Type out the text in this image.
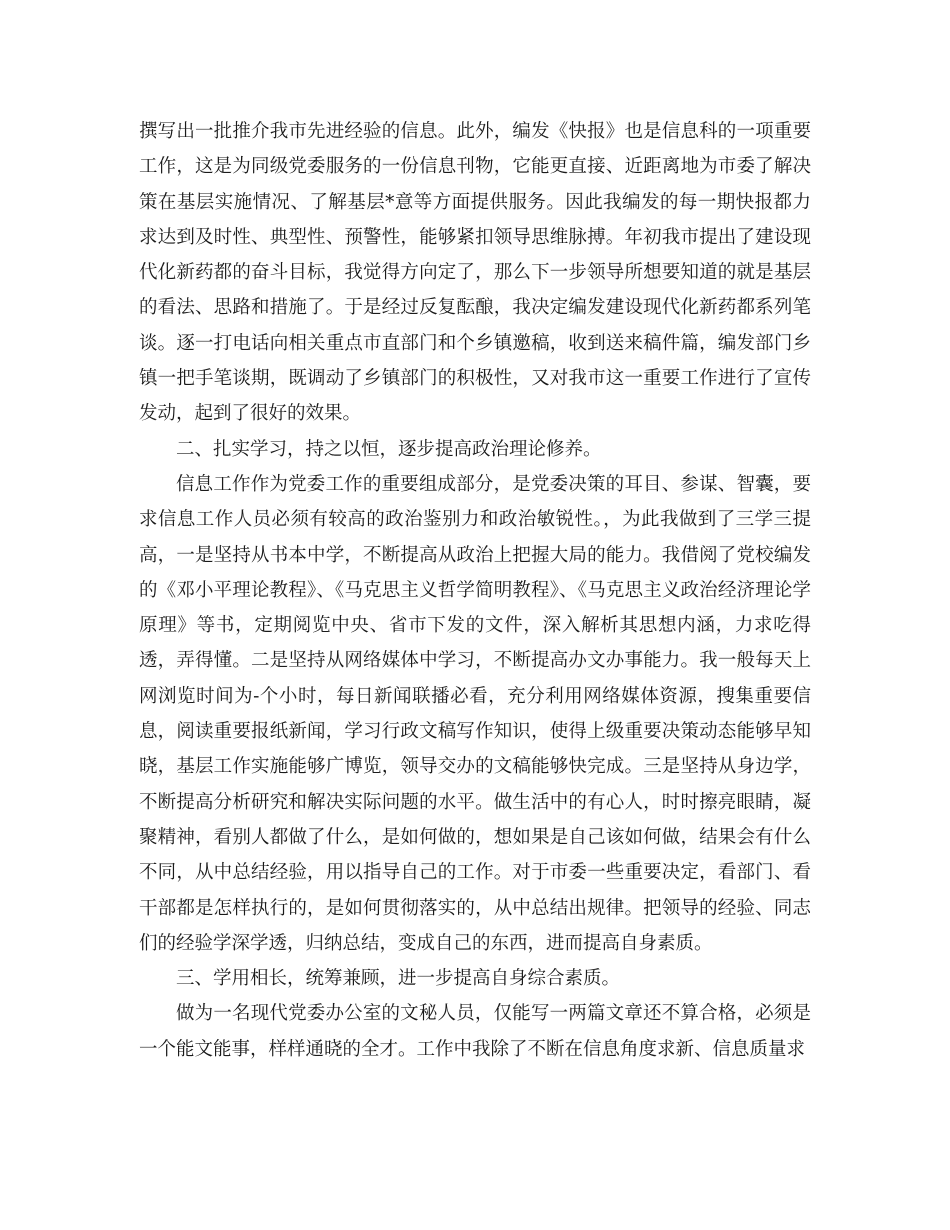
撰写出一批推介我市先进经验的信息。此外，编发《快报》也是信息科的一项重要工作，这是为同级党委服务的一份信息刊物，它能更直接、近距离地为市委了解决策在基层实施情况、了解基层*意等方面提供服务。因此我编发的每一期快报都力求达到及时性、典型性、预警性，能够紧扣领导思维脉搏。年初我市提出了建设现代化新药都的奋斗目标，我觉得方向定了，那么下一步领导所想要知道的就是基层的看法、思路和措施了。于是经过反复酝酿，我决定编发建设现代化新药都系列笔谈。逐一打电话向相关重点市直部门和个乡镇邀稿，收到送来稿件篇，编发部门乡镇一把手笔谈期，既调动了乡镇部门的积极性，又对我市这一重要工作进行了宣传发动，起到了很好的效果。

二、扎实学习，持之以恒，逐步提高政治理论修养。

信息工作作为党委工作的重要组成部分，是党委决策的耳目、参谋、智囊，要求信息工作人员必须有较高的政治鉴别力和政治敏锐性。，为此我做到了三学三提高，一是坚持从书本中学，不断提高从政治上把握大局的能力。我借阅了党校编发的《邓小平理论教程》、《马克思主义哲学简明教程》、《马克思主义政治经济理论学原理》等书，定期阅览中央、省市下发的文件，深入解析其思想内涵，力求吃得透，弄得懂。二是坚持从网络媒体中学习，不断提高办文办事能力。我一般每天上网浏览时间为-个小时，每日新闻联播必看，充分利用网络媒体资源，搜集重要信息，阅读重要报纸新闻，学习行政文稿写作知识，使得上级重要决策动态能够早知晓，基层工作实施能够广博览，领导交办的文稿能够快完成。三是坚持从身边学，不断提高分析研究和解决实际问题的水平。做生活中的有心人，时时擦亮眼睛，凝聚精神，看别人都做了什么，是如何做的，想如果是自己该如何做，结果会有什么不同，从中总结经验，用以指导自己的工作。对于市委一些重要决定，看部门、看干部都是怎样执行的，是如何贯彻落实的，从中总结出规律。把领导的经验、同志们的经验学深学透，归纳总结，变成自己的东西，进而提高自身素质。

三、学用相长，统筹兼顾，进一步提高自身综合素质。

做为一名现代党委办公室的文秘人员，仅能写一两篇文章还不算合格，必须是一个能文能事，样样通晓的全才。工作中我除了不断在信息角度求新、信息质量求
